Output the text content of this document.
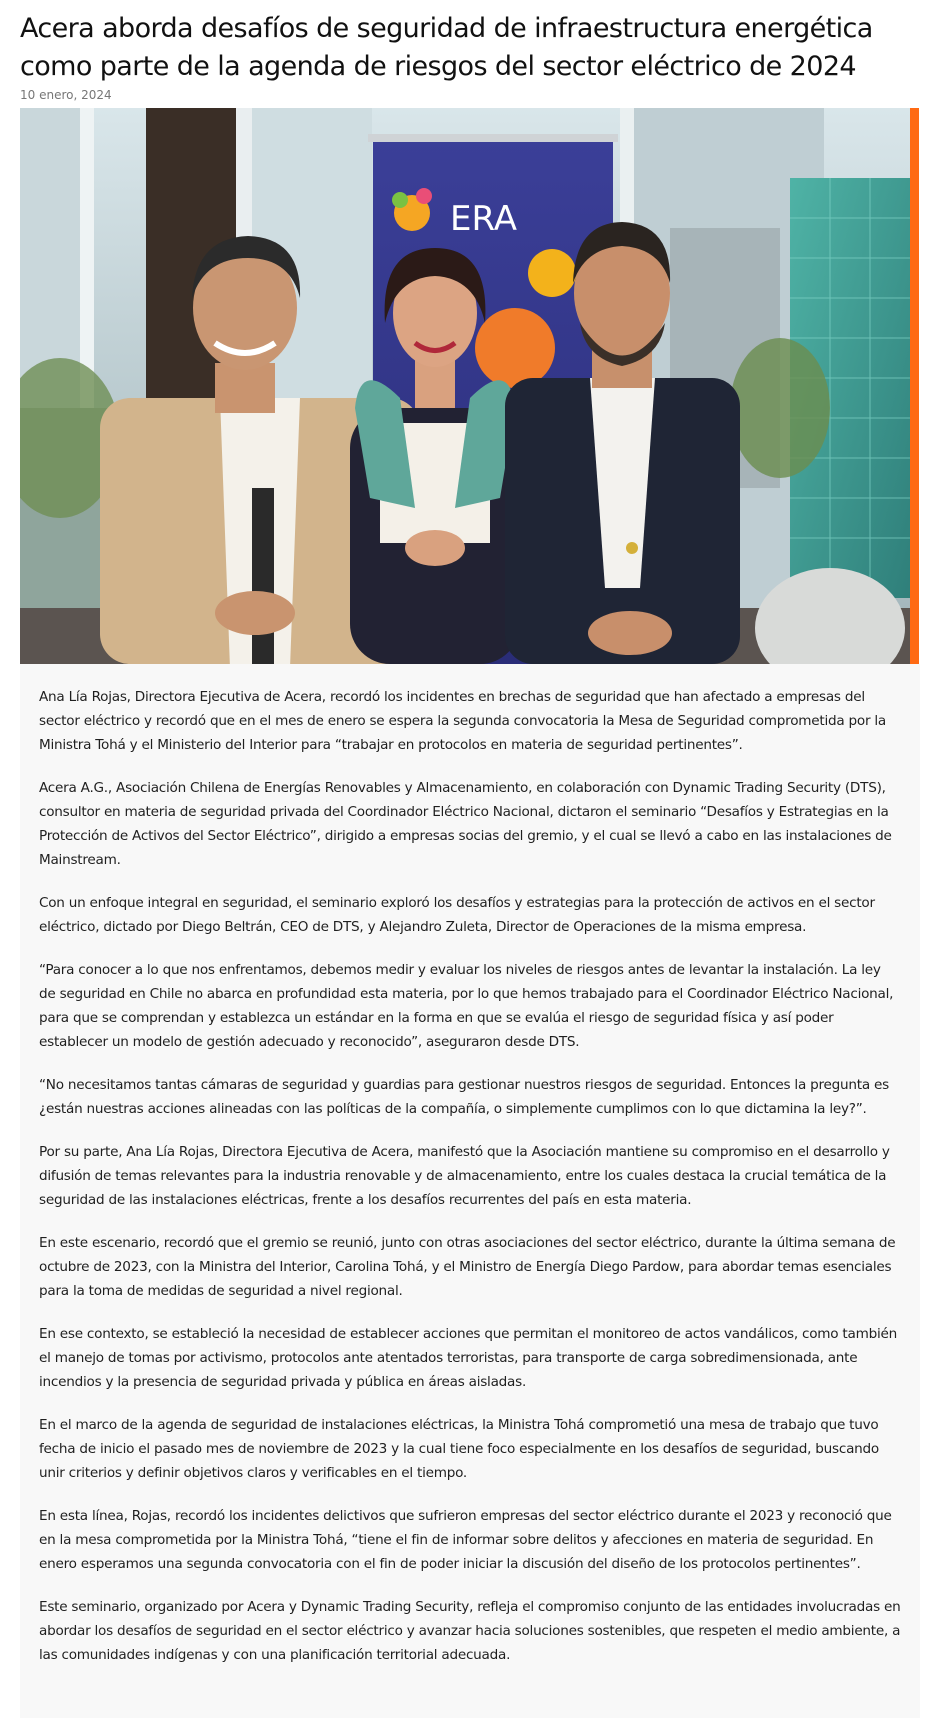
Acera aborda desafíos de seguridad de infraestructura energética como parte de la agenda de riesgos del sector eléctrico de 2024
10 enero, 2024
ERA

Ana Lía Rojas, Directora Ejecutiva de Acera, recordó los incidentes en brechas de seguridad que han afectado a empresas del sector eléctrico y recordó que en el mes de enero se espera la segunda convocatoria la Mesa de Seguridad comprometida por la Ministra Tohá y el Ministerio del Interior para “trabajar en protocolos en materia de seguridad pertinentes”.

Acera A.G., Asociación Chilena de Energías Renovables y Almacenamiento, en colaboración con Dynamic Trading Security (DTS), consultor en materia de seguridad privada del Coordinador Eléctrico Nacional, dictaron el seminario “Desafíos y Estrategias en la Protección de Activos del Sector Eléctrico”, dirigido a empresas socias del gremio, y el cual se llevó a cabo en las instalaciones de Mainstream.

Con un enfoque integral en seguridad, el seminario exploró los desafíos y estrategias para la protección de activos en el sector eléctrico, dictado por Diego Beltrán, CEO de DTS, y Alejandro Zuleta, Director de Operaciones de la misma empresa.

“Para conocer a lo que nos enfrentamos, debemos medir y evaluar los niveles de riesgos antes de levantar la instalación. La ley de seguridad en Chile no abarca en profundidad esta materia, por lo que hemos trabajado para el Coordinador Eléctrico Nacional, para que se comprendan y establezca un estándar en la forma en que se evalúa el riesgo de seguridad física y así poder establecer un modelo de gestión adecuado y reconocido”, aseguraron desde DTS.

“No necesitamos tantas cámaras de seguridad y guardias para gestionar nuestros riesgos de seguridad. Entonces la pregunta es ¿están nuestras acciones alineadas con las políticas de la compañía, o simplemente cumplimos con lo que dictamina la ley?”.

Por su parte, Ana Lía Rojas, Directora Ejecutiva de Acera, manifestó que la Asociación mantiene su compromiso en el desarrollo y difusión de temas relevantes para la industria renovable y de almacenamiento, entre los cuales destaca la crucial temática de la seguridad de las instalaciones eléctricas, frente a los desafíos recurrentes del país en esta materia.

En este escenario, recordó que el gremio se reunió, junto con otras asociaciones del sector eléctrico, durante la última semana de octubre de 2023, con la Ministra del Interior, Carolina Tohá, y el Ministro de Energía Diego Pardow, para abordar temas esenciales para la toma de medidas de seguridad a nivel regional.

En ese contexto, se estableció la necesidad de establecer acciones que permitan el monitoreo de actos vandálicos, como también el manejo de tomas por activismo, protocolos ante atentados terroristas, para transporte de carga sobredimensionada, ante incendios y la presencia de seguridad privada y pública en áreas aisladas.

En el marco de la agenda de seguridad de instalaciones eléctricas, la Ministra Tohá comprometió una mesa de trabajo que tuvo fecha de inicio el pasado mes de noviembre de 2023 y la cual tiene foco especialmente en los desafíos de seguridad, buscando unir criterios y definir objetivos claros y verificables en el tiempo.

En esta línea, Rojas, recordó los incidentes delictivos que sufrieron empresas del sector eléctrico durante el 2023 y reconoció que en la mesa comprometida por la Ministra Tohá, “tiene el fin de informar sobre delitos y afecciones en materia de seguridad. En enero esperamos una segunda convocatoria con el fin de poder iniciar la discusión del diseño de los protocolos pertinentes”.

Este seminario, organizado por Acera y Dynamic Trading Security, refleja el compromiso conjunto de las entidades involucradas en abordar los desafíos de seguridad en el sector eléctrico y avanzar hacia soluciones sostenibles, que respeten el medio ambiente, a las comunidades indígenas y con una planificación territorial adecuada.
